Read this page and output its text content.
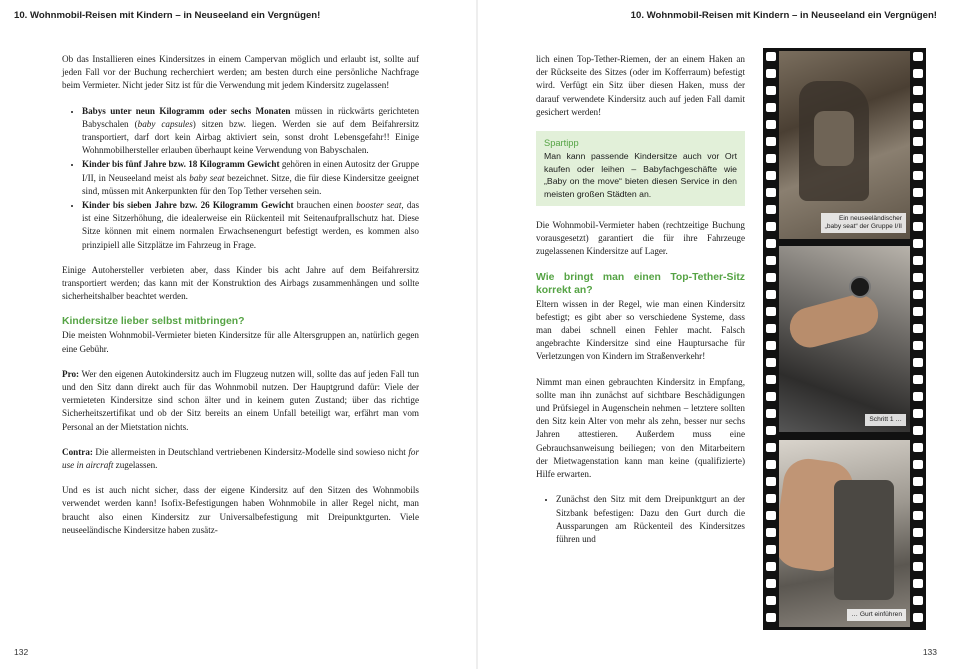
10. Wohnmobil-Reisen mit Kindern – in Neuseeland ein Vergnügen!

Ob das Installieren eines Kindersitzes in einem Campervan möglich und erlaubt ist, sollte auf jeden Fall vor der Buchung recherchiert werden; am besten durch eine persönliche Nachfrage beim Vermieter. Nicht jeder Sitz ist für die Verwendung mit jedem Kindersitz zugelassen!

• Babys unter neun Kilogramm oder sechs Monaten müssen in rückwärts gerichteten Babyschalen (baby capsules) sitzen bzw. liegen. Werden sie auf dem Beifahrersitz transportiert, darf dort kein Airbag aktiviert sein, sonst droht Lebensgefahr!! Einige Wohnmobilhersteller erlauben überhaupt keine Verwendung von Babyschalen.
• Kinder bis fünf Jahre bzw. 18 Kilogramm Gewicht gehören in einen Autositz der Gruppe I/II, in Neuseeland meist als baby seat bezeichnet. Sitze, die für diese Kindersitze geeignet sind, müssen mit Ankerpunkten für den Top Tether versehen sein.
• Kinder bis sieben Jahre bzw. 26 Kilogramm Gewicht brauchen einen booster seat, das ist eine Sitzerhöhung, die idealerweise ein Rückenteil mit Seitenaufprallschutz hat. Diese Sitze können mit einem normalen Erwachsenengurt befestigt werden, es kommen also prinzipiell alle Sitzplätze im Fahrzeug in Frage.

Einige Autohersteller verbieten aber, dass Kinder bis acht Jahre auf dem Beifahrersitz transportiert werden; das kann mit der Konstruktion des Airbags zusammenhängen und sollte sicherheitshalber beachtet werden.

Kindersitze lieber selbst mitbringen?

Die meisten Wohnmobil-Vermieter bieten Kindersitze für alle Altersgruppen an, natürlich gegen eine Gebühr.

Pro: Wer den eigenen Autokindersitz auch im Flugzeug nutzen will, sollte das auf jeden Fall tun und den Sitz dann direkt auch für das Wohnmobil nutzen. Der Hauptgrund dafür: Viele der vermieteten Kindersitze sind schon älter und in keinem guten Zustand; über das richtige Sicherheitszertifikat und ob der Sitz bereits an einem Unfall beteiligt war, erfährt man vom Personal an der Mietstation nichts.

Contra: Die allermeisten in Deutschland vertriebenen Kindersitz-Modelle sind sowieso nicht for use in aircraft zugelassen.

Und es ist auch nicht sicher, dass der eigene Kindersitz auf den Sitzen des Wohnmobils verwendet werden kann! Isofix-Befestigungen haben Wohnmobile in aller Regel nicht, man braucht also einen Kindersitz zur Universalbefestigung mit Dreipunktgurten. Viele neuseeländische Kindersitze haben zusätz-

132
10. Wohnmobil-Reisen mit Kindern – in Neuseeland ein Vergnügen!

lich einen Top-Tether-Riemen, der an einem Haken an der Rückseite des Sitzes (oder im Kofferraum) befestigt wird. Verfügt ein Sitz über diesen Haken, muss der darauf verwendete Kindersitz auch auf jeden Fall damit gesichert werden!

Spartipp
Man kann passende Kindersitze auch vor Ort kaufen oder leihen – Babyfachgeschäfte wie „Baby on the move“ bieten diesen Service in den meisten großen Städten an.

Die Wohnmobil-Vermieter haben (rechtzeitige Buchung vorausgesetzt) garantiert die für ihre Fahrzeuge zugelassenen Kindersitze auf Lager.

Wie bringt man einen Top-Tether-Sitz korrekt an?

Eltern wissen in der Regel, wie man einen Kindersitz befestigt; es gibt aber so verschiedene Systeme, dass man dabei schnell einen Fehler macht. Falsch angebrachte Kindersitze sind eine Hauptursache für Verletzungen von Kindern im Straßenverkehr!

Nimmt man einen gebrauchten Kindersitz in Empfang, sollte man ihn zunächst auf sichtbare Beschädigungen und Prüfsiegel in Augenschein nehmen – letztere sollten den Sitz kein Alter von mehr als zehn, besser nur sechs Jahren attestieren. Außerdem muss eine Gebrauchsanweisung beiliegen; von den Mitarbeitern der Mietwagenstation kann man keine (qualifizierte) Hilfe erwarten.

• Zunächst den Sitz mit dem Dreipunktgurt an der Sitzbank befestigen: Dazu den Gurt durch die Aussparungen am Rückenteil des Kindersitzes führen und
Ein neuseeländischer
„baby seat“ der Gruppe I/II
Schritt 1 …
… Gurt einführen
133
